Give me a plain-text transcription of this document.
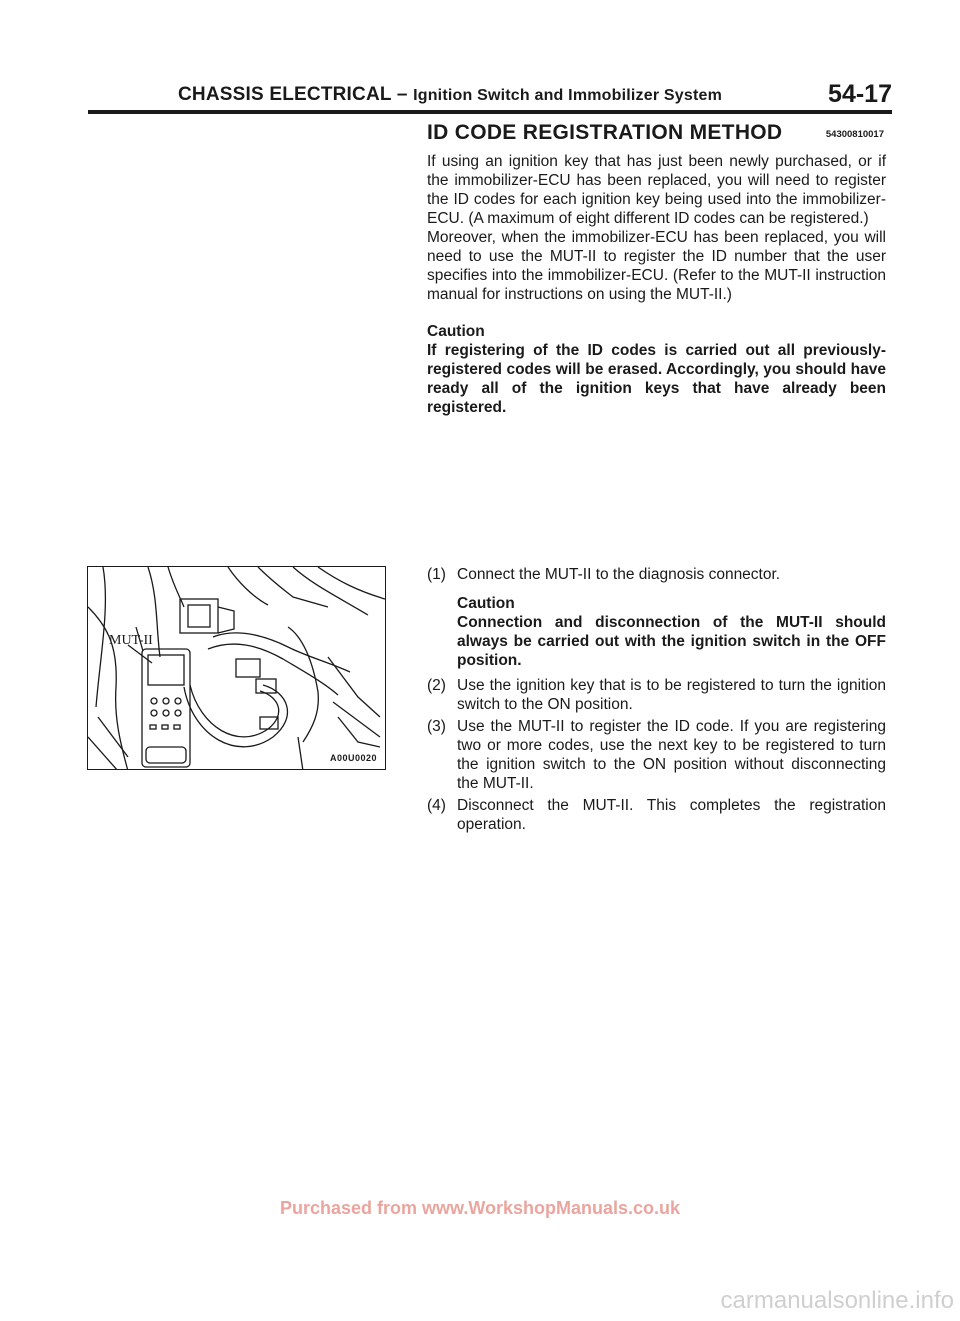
CHASSIS ELECTRICAL – Ignition Switch and Immobilizer System	54-17
ID CODE REGISTRATION METHOD	54300810017

If using an ignition key that has just been newly purchased, or if the immobilizer-ECU has been replaced, you will need to register the ID codes for each ignition key being used into the immobilizer-ECU. (A maximum of eight different ID codes can be registered.)

Moreover, when the immobilizer-ECU has been replaced, you will need to use the MUT-II to register the ID number that the user specifies into the immobilizer-ECU. (Refer to the MUT-II instruction manual for instructions on using the MUT-II.)

Caution

If registering of the ID codes is carried out all previously-registered codes will be erased. Accordingly, you should have ready all of the ignition keys that have already been registered.

MUT-II
A00U0020
(1) Connect the MUT-II to the diagnosis connector.

Caution

Connection and disconnection of the MUT-II should always be carried out with the ignition switch in the OFF position.

(2) Use the ignition key that is to be registered to turn the ignition switch to the ON position.

(3) Use the MUT-II to register the ID code. If you are registering two or more codes, use the next key to be registered to turn the ignition switch to the ON position without disconnecting the MUT-II.

(4) Disconnect the MUT-II. This completes the registration operation.

Purchased from www.WorkshopManuals.co.uk
carmanualsonline.info
